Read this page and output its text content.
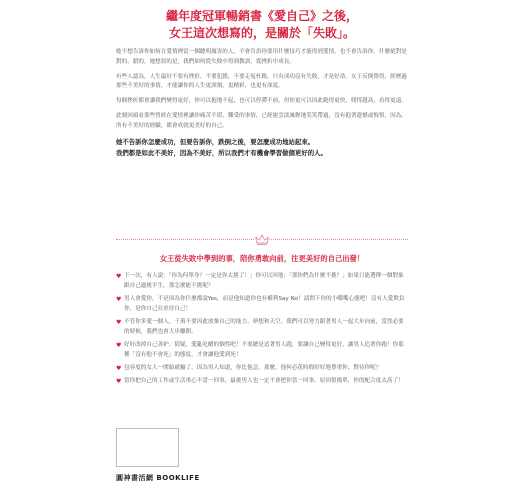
繼年度冠軍暢銷書《愛自己》之後，
女王這次想寫的，是關於「失敗」。

她不想告訴你如何在愛情裡當一個聰明厲害的人，不會告訴你要用什麼技巧才能得到愛情，也不會告訴你，什麼絕對是對的、錯的。她想寫的是，我們如何從失敗中得到教訓，從挫折中成長。

有些人認為，人生最好不要有挫折，不要犯錯，不要走冤枉路，只有成功沒有失敗，才是好命。女王反倒覺得，經歷過那些不美好的事情，才能讓你的人生更深刻、更精彩，也更有深度。

每個挫折都會讓我們變得更好，你可以抱地不起，也可以停滯不前，但你更可以因此跑得更快、爬得越高，看得更遠。

此刻回頭看那些曾經在愛情裡讓你痛苦不堪、難受的事情，已經能雲淡風輕地笑笑帶過，沒有抱著遺憾或悔恨，因為，所有不美好的經驗，都會成就更美好的自己。

她不告訴你怎麼成功，但要告訴你，跌倒之後，要怎麼成功地站起來。
我們都是如此不美好，因為不美好，所以我們才有機會學習做個更好的人。
女王從失敗中學到的事，陪你勇敢向前，往更美好的自己出發！
♥ 下一次，有人說：「你為何單身？一定是你太挑了！」你可以回他：「那你們為什麼不挑？」如果只能選擇一個對象跟自己過後半生，那怎麼能不挑呢？
♥ 男人會愛你，不是因為你什麼都說Yes，而是他知道你也有權利Say No！請問下你的小嘴嘴心態吧！沒有人愛欺負你，是你自己在虐待自己！
♥ 不管你多愛一個人，千萬不要因此放棄自己的能力、夢想和天空。我們可以努力跟著男人一起大步向前，當然必要的時候，我們也會大步離開。
♥ 好好改掉自己善妒、猜疑、愛亂吃醋的個性吧！不要總是追著男人跑，要讓自己變得更好，讓男人追著你跑！你那種「沒有他不會死」的態度，才會讓他愛到死！
♥ 包容度的女人一開始就輸了，因為男人知道，你比他急。那麼，他何必花時間好好地尊重你、對待你呢？
♥ 當你把自己的工作或生活重心不當一回事，最後男人也一定不會把你當一回事。原因很簡單，你的配合度太高了！
圓神書活網 BOOKLIFE
